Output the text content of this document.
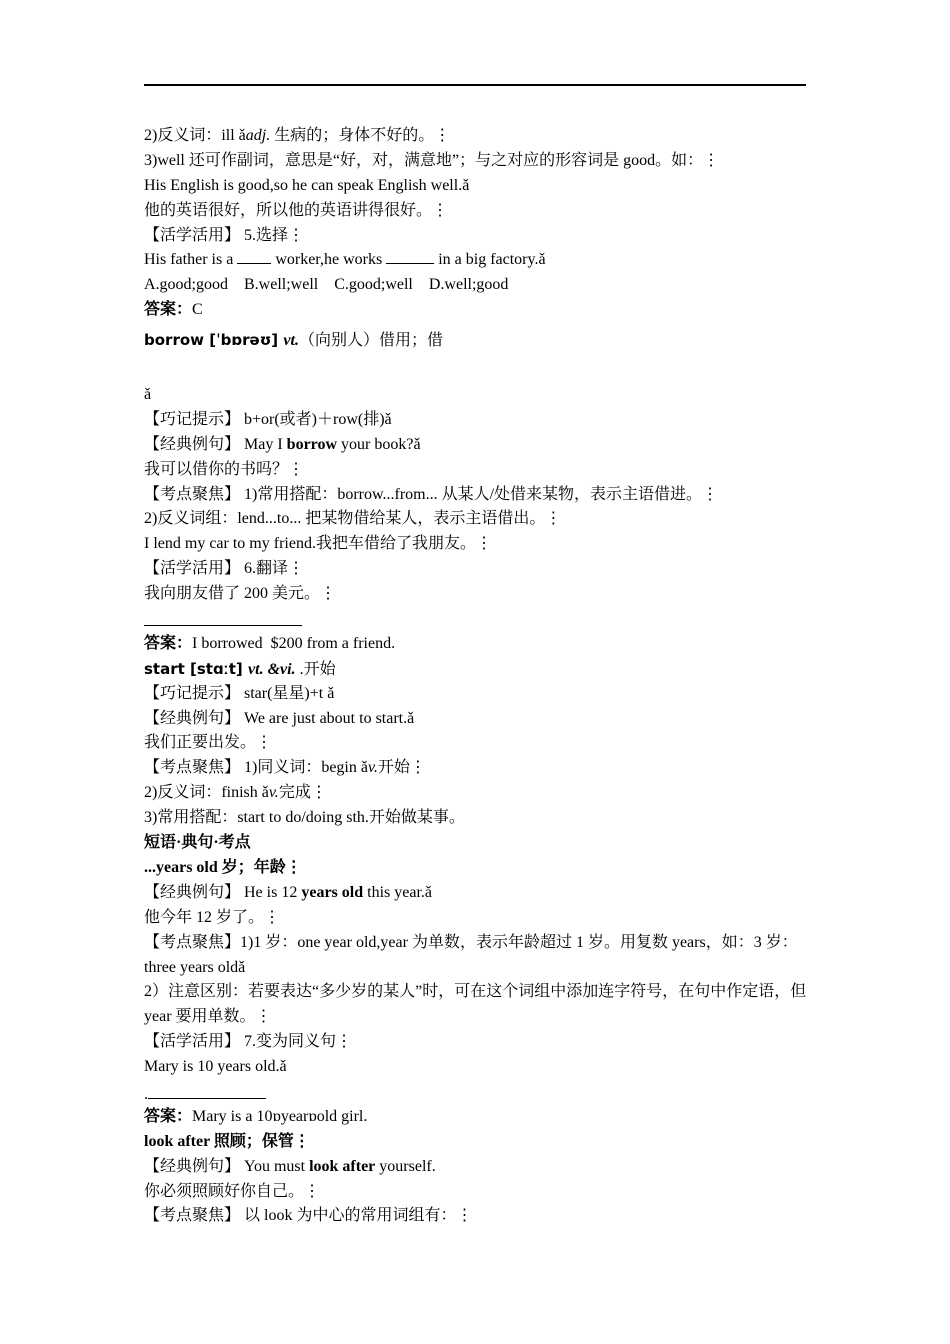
2)反义词：ill ǎadj. 生病的；身体不好的。⋮
3)well 还可作副词，意思是“好，对，满意地”；与之对应的形容词是 good。如：⋮
His English is good,so he can speak English well.ǎ
他的英语很好，所以他的英语讲得很好。⋮
【活学活用】 5.选择⋮
His father is a  worker,he works	in a big factory.ǎ
A.good;good    B.well;well    C.good;well    D.well;good
答案：C
borrow [ˈbɒrəʊ] vt.（向别人）借用；借
ǎ
【巧记提示】 b+or(或者)＋row(排)ǎ
【经典例句】 May I borrow your book?ǎ
我可以借你的书吗？⋮
【考点聚焦】 1)常用搭配：borrow...from... 从某人/处借来某物，表示主语借进。⋮
2)反义词组：lend...to... 把某物借给某人，表示主语借出。⋮
I lend my car to my friend.我把车借给了我朋友。⋮
【活学活用】 6.翻译⋮
我向朋友借了 200 美元。⋮
答案：I borrowed  $200 from a friend.
start [stɑːt] vt. &vi. .开始
【巧记提示】 star(星星)+t ǎ
【经典例句】 We are just about to start.ǎ
我们正要出发。⋮
【考点聚焦】 1)同义词：begin ǎv.开始⋮
2)反义词：finish ǎv.完成⋮
3)常用搭配：start to do/doing sth.开始做某事。
短语·典句·考点
...years old 岁；年龄⋮
【经典例句】 He is 12 years old this year.ǎ
他今年 12 岁了。⋮
【考点聚焦】1)1 岁：one year old,year 为单数，表示年龄超过 1 岁。用复数 years，如：3 岁：three years oldǎ
2）注意区别：若要表达“多少岁的某人”时，可在这个词组中添加连字符号，在句中作定语，但 year 要用单数。⋮
【活学活用】 7.变为同义句⋮
Mary is 10 years old.ǎ
.
答案：Mary is a 10ɒyearɒold girl.
look after 照顾；保管⋮
【经典例句】 You must look after yourself.
你必须照顾好你自己。⋮
【考点聚焦】 以 look 为中心的常用词组有：⋮
